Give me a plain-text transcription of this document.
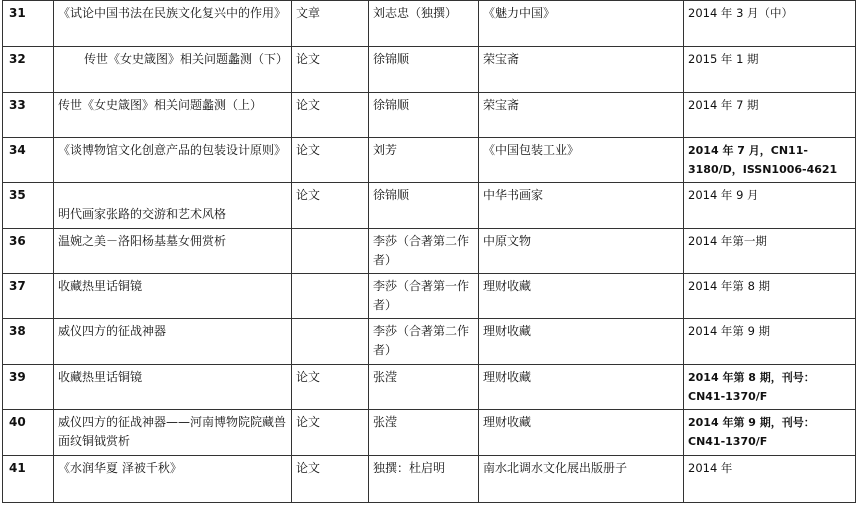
31	《试论中国书法在民族文化复兴中的作用》	文章	刘志忠（独撰）	《魅力中国》	2014 年 3 月（中）
32	传世《女史箴图》相关问题蠡测（下）	论文	徐锦顺	荣宝斋	2015 年 1 期
33	传世《女史箴图》相关问题蠡测（上）	论文	徐锦顺	荣宝斋	2014 年 7 期
34	《谈博物馆文化创意产品的包装设计原则》	论文	刘芳	《中国包装工业》	2014 年 7 月，CN11-3180/D，ISSN1006-4621
35	明代画家张路的交游和艺术风格	论文	徐锦顺	中华书画家	2014 年 9 月
36	温婉之美－洛阳杨基墓女佣赏析		李莎（合著第二作者）	中原文物	2014 年第一期
37	收藏热里话铜镜		李莎（合著第一作者）	理财收藏	2014 年第 8 期
38	威仪四方的征战神器		李莎（合著第二作者）	理财收藏	2014 年第 9 期
39	收藏热里话铜镜	论文	张滢	理财收藏	2014 年第 8 期，刊号：CN41-1370/F
40	威仪四方的征战神器——河南博物院院藏兽面纹铜钺赏析	论文	张滢	理财收藏	2014 年第 9 期，刊号：CN41-1370/F
41	《水润华夏 泽被千秋》	论文	独撰：杜启明	南水北调水文化展出版册子	2014 年
